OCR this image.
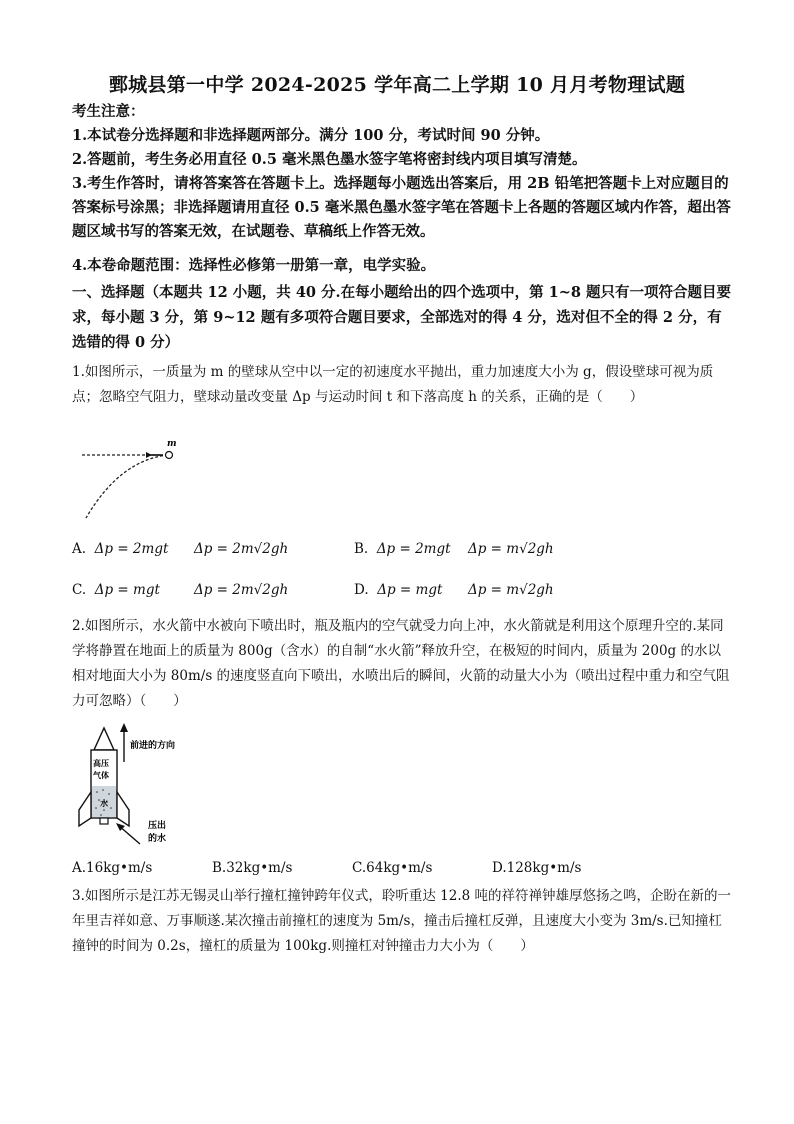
鄄城县第一中学 2024-2025 学年高二上学期 10 月月考物理试题
考生注意：
1.本试卷分选择题和非选择题两部分。满分 100 分，考试时间 90 分钟。
2.答题前，考生务必用直径 0.5 毫米黑色墨水签字笔将密封线内项目填写清楚。
3.考生作答时，请将答案答在答题卡上。选择题每小题选出答案后，用 2B 铅笔把答题卡上对应题目的答案标号涂黑；非选择题请用直径 0.5 毫米黑色墨水签字笔在答题卡上各题的答题区域内作答，超出答题区域书写的答案无效，在试题卷、草稿纸上作答无效。
4.本卷命题范围：选择性必修第一册第一章，电学实验。
一、选择题（本题共 12 小题，共 40 分.在每小题给出的四个选项中，第 1~8 题只有一项符合题目要求，每小题 3 分，第 9~12 题有多项符合题目要求，全部选对的得 4 分，选对但不全的得 2 分，有选错的得 0 分）
1.如图所示，一质量为 m 的壁球从空中以一定的初速度水平抛出，重力加速度大小为 g，假设壁球可视为质点；忽略空气阻力，壁球动量改变量 Δp 与运动时间 t 和下落高度 h 的关系，正确的是（　　）
m
A. Δp = 2mgt Δp = 2m√2gh	B. Δp = 2mgt Δp = m√2gh
C. Δp = mgt	Δp = 2m√2gh	D. Δp = mgt Δp = m√2gh
2.如图所示，水火箭中水被向下喷出时，瓶及瓶内的空气就受力向上冲，水火箭就是利用这个原理升空的.某同学将静置在地面上的质量为 800g（含水）的自制“水火箭”释放升空，在极短的时间内，质量为 200g 的水以相对地面大小为 80m/s 的速度竖直向下喷出，水喷出后的瞬间，火箭的动量大小为（喷出过程中重力和空气阻力可忽略）（　　）
高压
气体
水
前进的方向
压出
的水
A.16kg•m/s	B.32kg•m/s	C.64kg•m/s	D.128kg•m/s
3.如图所示是江苏无锡灵山举行撞杠撞钟跨年仪式，聆听重达 12.8 吨的祥符禅钟雄厚悠扬之鸣，企盼在新的一年里吉祥如意、万事顺遂.某次撞击前撞杠的速度为 5m/s，撞击后撞杠反弹，且速度大小变为 3m/s.已知撞杠撞钟的时间为 0.2s，撞杠的质量为 100kg.则撞杠对钟撞击力大小为（　　）
